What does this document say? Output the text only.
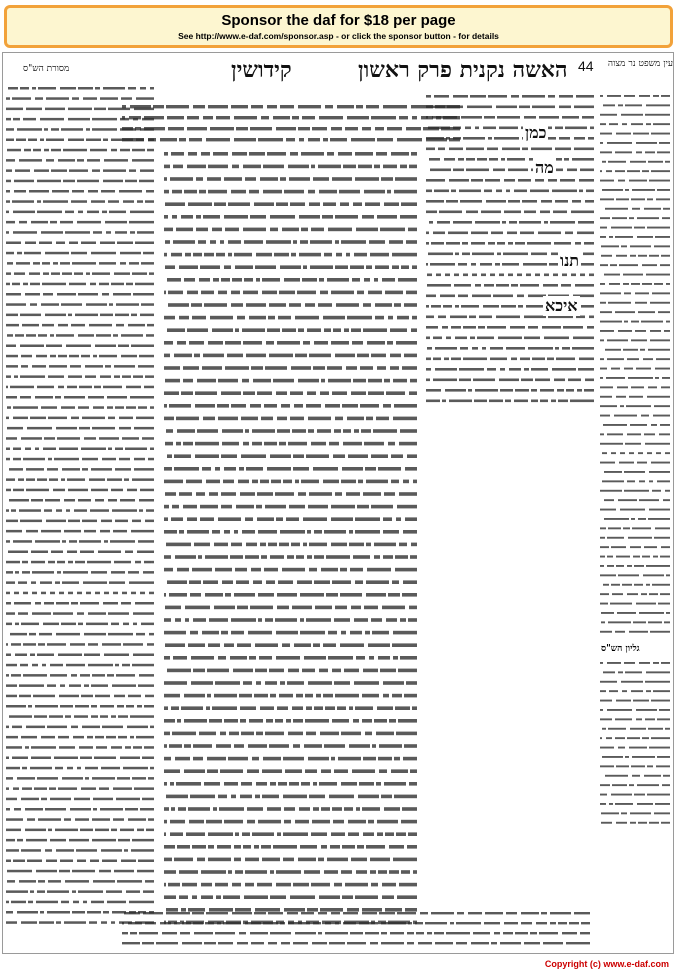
Sponsor the daf for $18 per page
See http://www.e-daf.com/sponsor.asp - or click the sponsor button - for details
44
קידושין	האשה נקנית פרק ראשון
מסורת הש"ס	עין משפט נר מצוה
כמן
מה
תנו
איכא
גליון הש"ס
Copyright (c) www.e-daf.com
